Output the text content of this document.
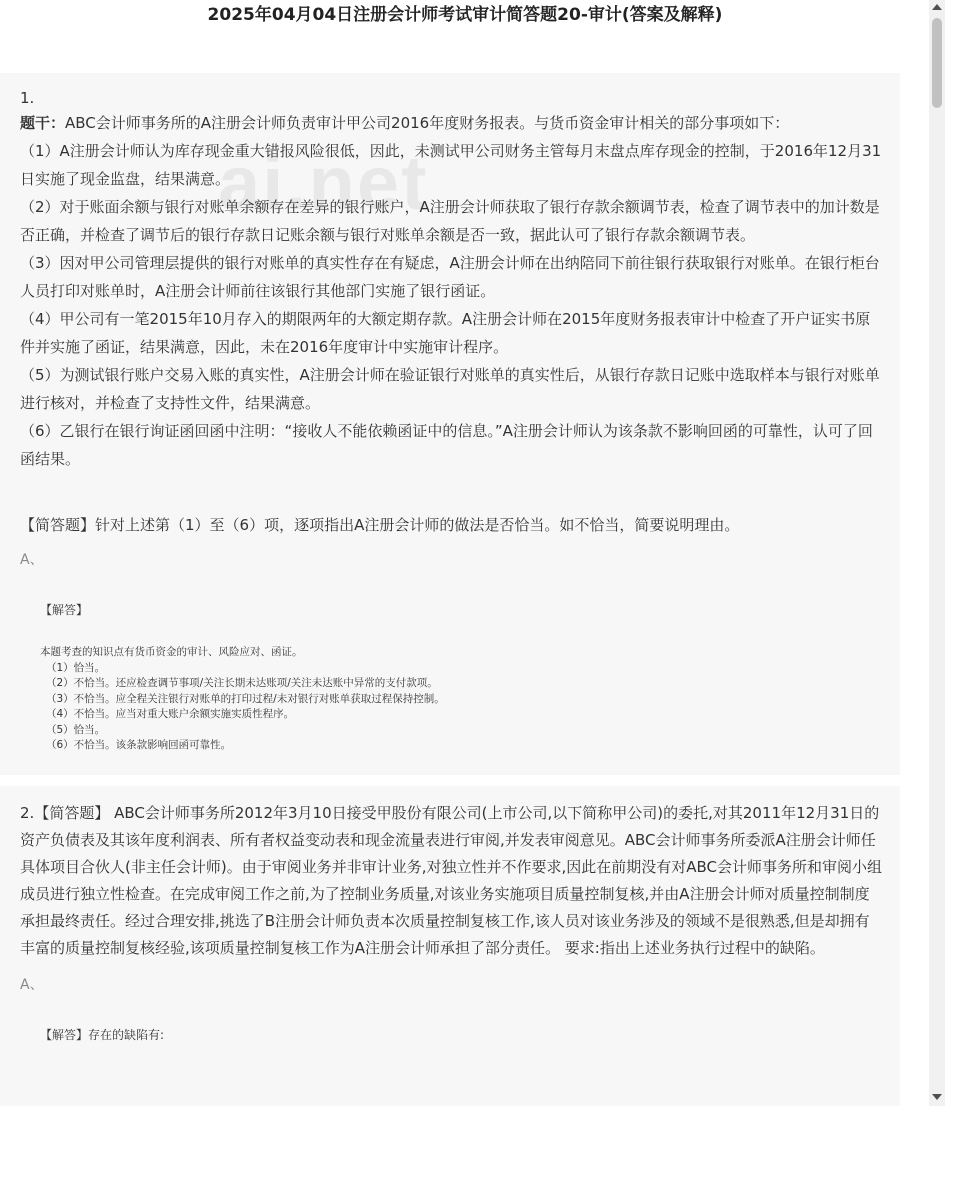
2025年04月04日注册会计师考试审计简答题20-审计(答案及解释)
1.

题干：ABC会计师事务所的A注册会计师负责审计甲公司2016年度财务报表。与货币资金审计相关的部分事项如下：

（1）A注册会计师认为库存现金重大错报风险很低，因此，未测试甲公司财务主管每月末盘点库存现金的控制，于2016年12月31日实施了现金监盘，结果满意。

（2）对于账面余额与银行对账单余额存在差异的银行账户，A注册会计师获取了银行存款余额调节表，检查了调节表中的加计数是否正确，并检查了调节后的银行存款日记账余额与银行对账单余额是否一致，据此认可了银行存款余额调节表。

（3）因对甲公司管理层提供的银行对账单的真实性存在有疑虑，A注册会计师在出纳陪同下前往银行获取银行对账单。在银行柜台人员打印对账单时，A注册会计师前往该银行其他部门实施了银行函证。

（4）甲公司有一笔2015年10月存入的期限两年的大额定期存款。A注册会计师在2015年度财务报表审计中检查了开户证实书原件并实施了函证，结果满意，因此，未在2016年度审计中实施审计程序。

（5）为测试银行账户交易入账的真实性，A注册会计师在验证银行对账单的真实性后，从银行存款日记账中选取样本与银行对账单进行核对，并检查了支持性文件，结果满意。

（6）乙银行在银行询证函回函中注明：“接收人不能依赖函证中的信息。”A注册会计师认为该条款不影响回函的可靠性，认可了回函结果。

【简答题】针对上述第（1）至（6）项，逐项指出A注册会计师的做法是否恰当。如不恰当，简要说明理由。
A、
【解答】
本题考查的知识点有货币资金的审计、风险应对、函证。
（1）恰当。
（2）不恰当。还应检查调节事项/关注长期未达账项/关注未达账中异常的支付款项。
（3）不恰当。应全程关注银行对账单的打印过程/未对银行对账单获取过程保持控制。
（4）不恰当。应当对重大账户余额实施实质性程序。
（5）恰当。
（6）不恰当。该条款影响回函可靠性。
2.【简答题】 ABC会计师事务所2012年3月10日接受甲股份有限公司(上市公司,以下简称甲公司)的委托,对其2011年12月31日的资产负债表及其该年度利润表、所有者权益变动表和现金流量表进行审阅,并发表审阅意见。ABC会计师事务所委派A注册会计师任具体项目合伙人(非主任会计师)。由于审阅业务并非审计业务,对独立性并不作要求,因此在前期没有对ABC会计师事务所和审阅小组成员进行独立性检查。在完成审阅工作之前,为了控制业务质量,对该业务实施项目质量控制复核,并由A注册会计师对质量控制制度承担最终责任。经过合理安排,挑选了B注册会计师负责本次质量控制复核工作,该人员对该业务涉及的领域不是很熟悉,但是却拥有丰富的质量控制复核经验,该项质量控制复核工作为A注册会计师承担了部分责任。 要求:指出上述业务执行过程中的缺陷。
A、
【解答】存在的缺陷有:
